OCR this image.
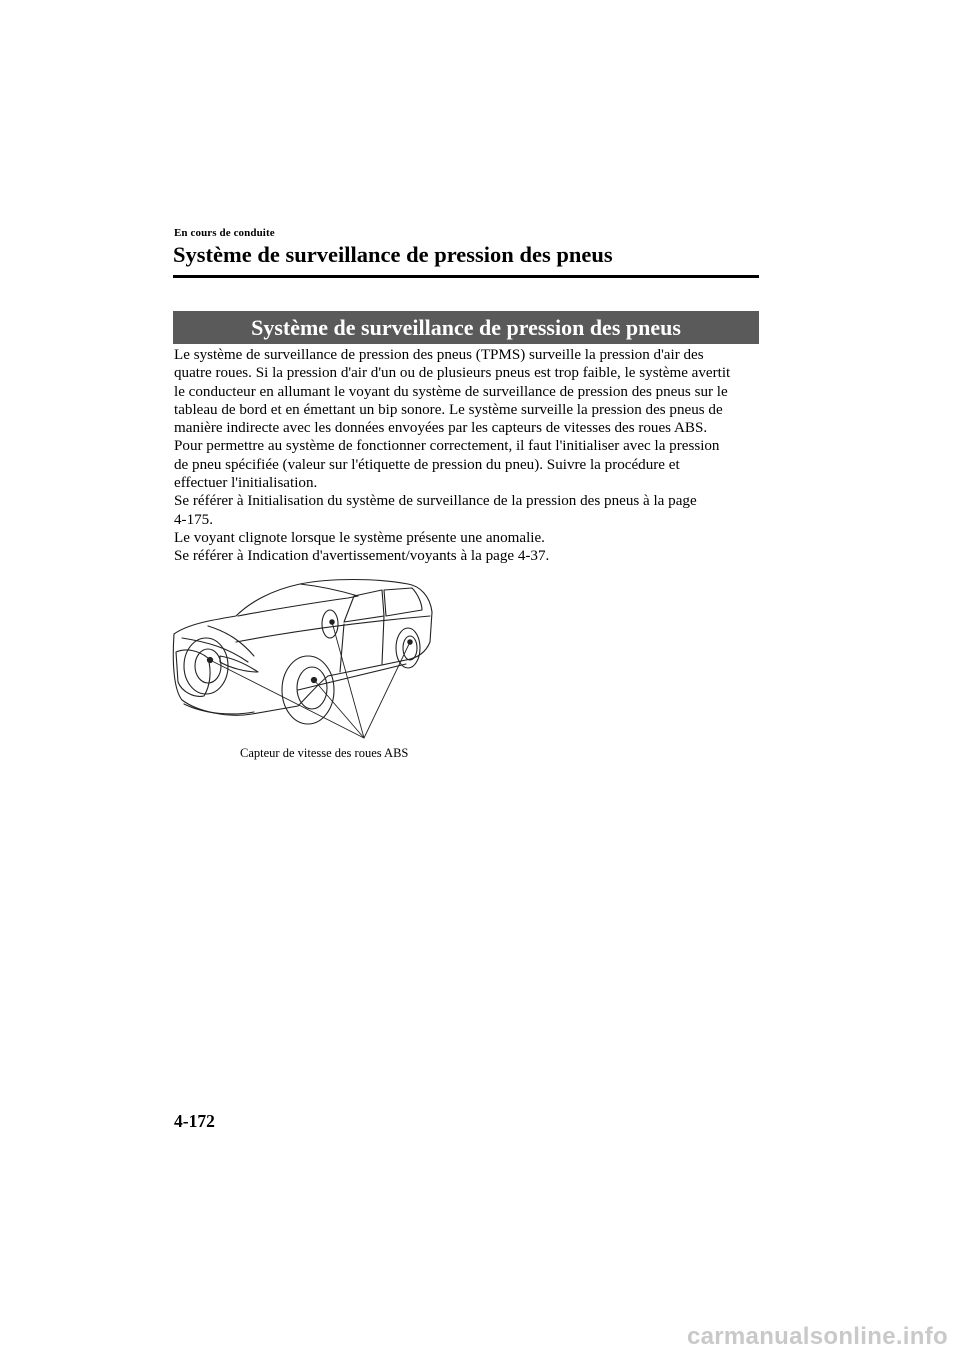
En cours de conduite
Système de surveillance de pression des pneus
Système de surveillance de pression des pneus

Le système de surveillance de pression des pneus (TPMS) surveille la pression d'air des

quatre roues. Si la pression d'air d'un ou de plusieurs pneus est trop faible, le système avertit

le conducteur en allumant le voyant du système de surveillance de pression des pneus sur le

tableau de bord et en émettant un bip sonore. Le système surveille la pression des pneus de

manière indirecte avec les données envoyées par les capteurs de vitesses des roues ABS.

Pour permettre au système de fonctionner correctement, il faut l'initialiser avec la pression

de pneu spécifiée (valeur sur l'étiquette de pression du pneu). Suivre la procédure et

effectuer l'initialisation.

Se référer à Initialisation du système de surveillance de la pression des pneus à la page

4-175.

Le voyant clignote lorsque le système présente une anomalie.

Se référer à Indication d'avertissement/voyants à la page 4-37.

Capteur de vitesse des roues ABS
4-172
carmanualsonline.info
